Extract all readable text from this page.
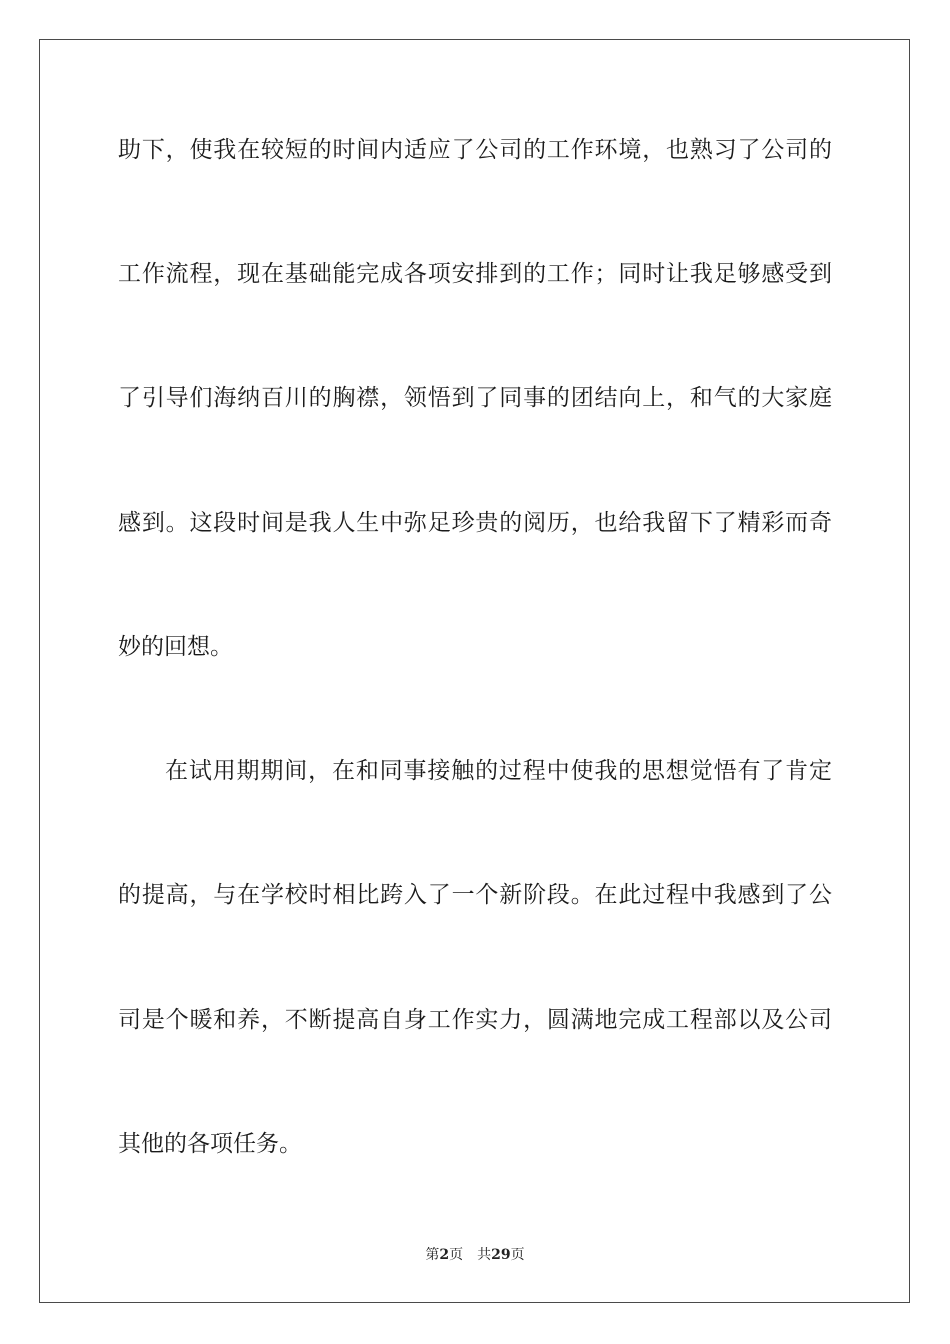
助下，使我在较短的时间内适应了公司的工作环境，也熟习了公司的
工作流程，现在基础能完成各项安排到的工作；同时让我足够感受到
了引导们海纳百川的胸襟，领悟到了同事的团结向上，和气的大家庭
感到。这段时间是我人生中弥足珍贵的阅历，也给我留下了精彩而奇
妙的回想。
在试用期期间，在和同事接触的过程中使我的思想觉悟有了肯定
的提高，与在学校时相比跨入了一个新阶段。在此过程中我感到了公
司是个暖和养，不断提高自身工作实力，圆满地完成工程部以及公司
其他的各项任务。
第2页 共29页
